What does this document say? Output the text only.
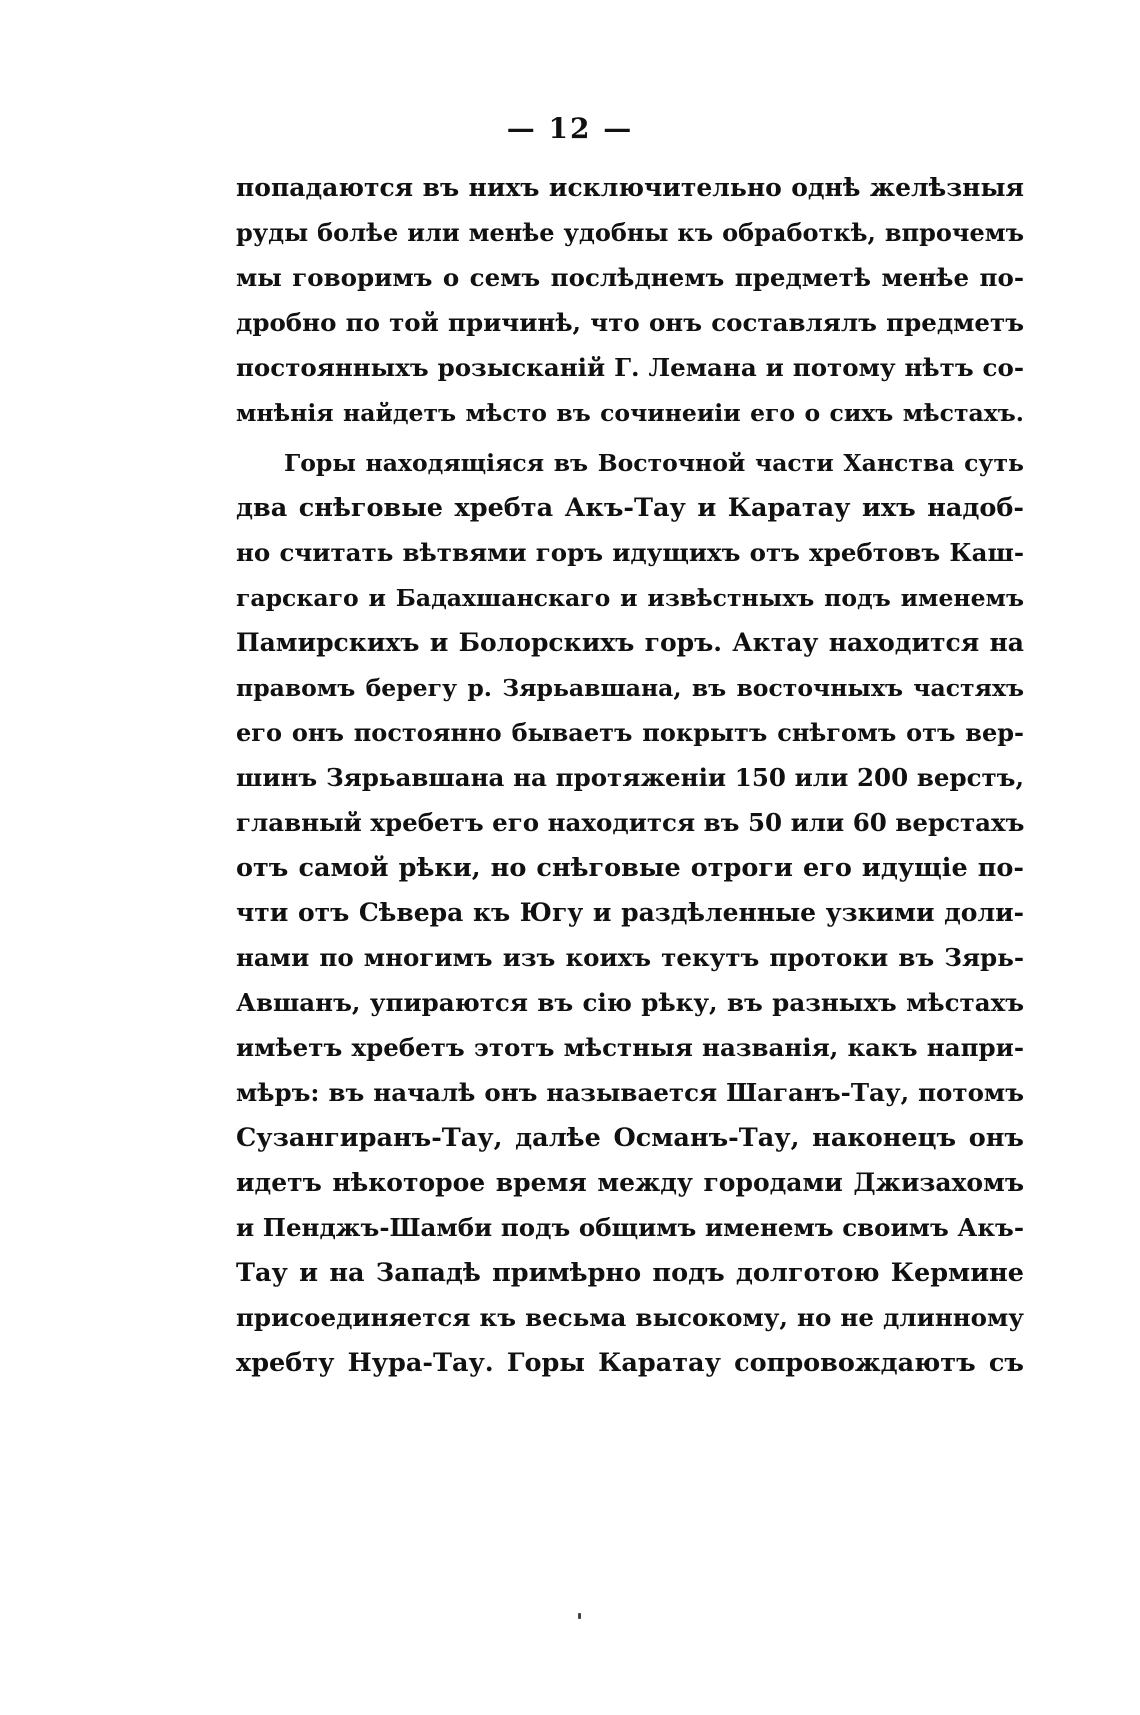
— 12 —
попадаются въ нихъ исключительно однѣ желѣзныя
руды болѣе или менѣе удобны къ обработкѣ, впрочемъ
мы говоримъ о семъ послѣднемъ предметѣ менѣе по-
дробно по той причинѣ, что онъ составлялъ предметъ
постоянныхъ розысканій Г. Лемана и потому нѣтъ со-
мнѣнія найдетъ мѣсто въ сочинеиіи его о сихъ мѣстахъ.
Горы находящіяся въ Восточной части Ханства суть
два снѣговые хребта Акъ-Тау и Каратау ихъ надоб-
но считать вѣтвями горъ идущихъ отъ хребтовъ Каш-
гарскаго и Бадахшанскаго и извѣстныхъ подъ именемъ
Памирскихъ и Болорскихъ горъ. Актау находится на
правомъ берегу р. Зярьавшана, въ восточныхъ частяхъ
его онъ постоянно бываетъ покрытъ снѣгомъ отъ вер-
шинъ Зярьавшана на протяженіи 150 или 200 верстъ,
главный хребетъ его находится въ 50 или 60 верстахъ
отъ самой рѣки, но снѣговые отроги его идущіе по-
чти отъ Сѣвера къ Югу и раздѣленные узкими доли-
нами по многимъ изъ коихъ текутъ протоки въ Зярь-
Авшанъ, упираются въ сію рѣку, въ разныхъ мѣстахъ
имѣетъ хребетъ этотъ мѣстныя названія, какъ напри-
мѣръ: въ началѣ онъ называется Шаганъ-Тау, потомъ
Сузангиранъ-Тау, далѣе Османъ-Тау, наконецъ онъ
идетъ нѣкоторое время между городами Джизахомъ
и Пенджъ-Шамби подъ общимъ именемъ своимъ Акъ-
Тау и на Западѣ примѣрно подъ долготою Кермине
присоединяется къ весьма высокому, но не длинному
хребту Нура-Тау. Горы Каратау сопровождаютъ съ
